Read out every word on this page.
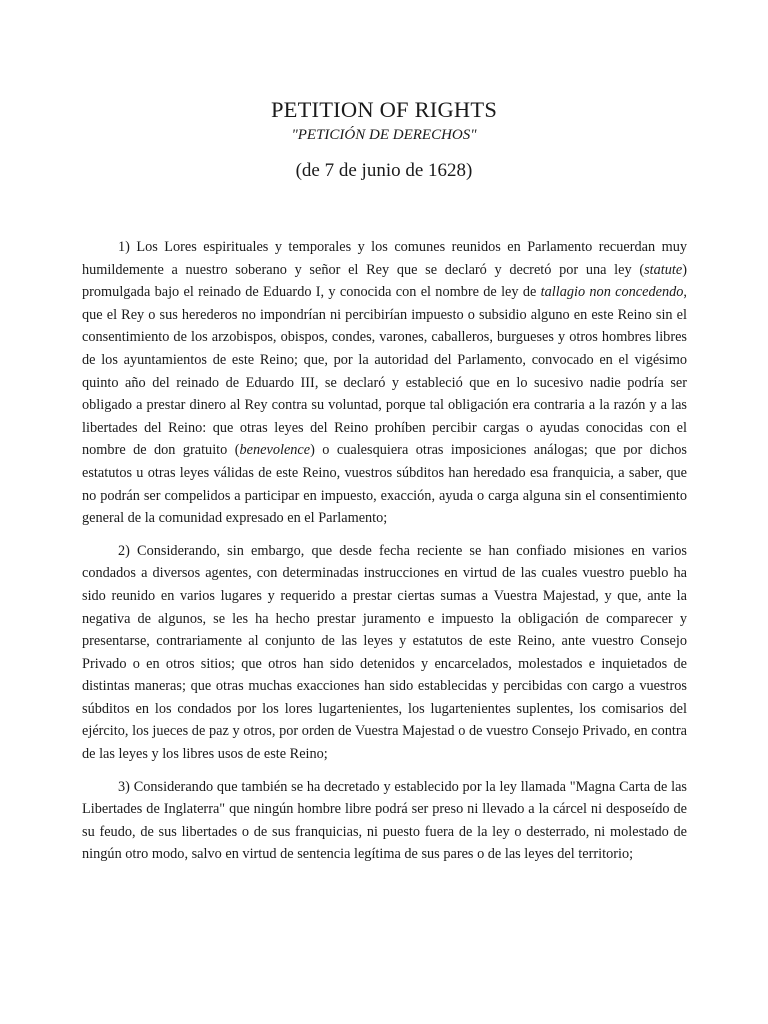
PETITION OF RIGHTS

"PETICIÓN DE DERECHOS"

(de 7 de junio de 1628)

1) Los Lores espirituales y temporales y los comunes reunidos en Parlamento recuerdan muy humildemente a nuestro soberano y señor el Rey que se declaró y decretó por una ley (statute) promulgada bajo el reinado de Eduardo I, y conocida con el nombre de ley de tallagio non concedendo, que el Rey o sus herederos no impondrían ni percibirían impuesto o subsidio alguno en este Reino sin el consentimiento de los arzobispos, obispos, condes, varones, caballeros, burgueses y otros hombres libres de los ayuntamientos de este Reino; que, por la autoridad del Parlamento, convocado en el vigésimo quinto año del reinado de Eduardo III, se declaró y estableció que en lo sucesivo nadie podría ser obligado a prestar dinero al Rey contra su voluntad, porque tal obligación era contraria a la razón y a las libertades del Reino: que otras leyes del Reino prohíben percibir cargas o ayudas conocidas con el nombre de don gratuito (benevolence) o cualesquiera otras imposiciones análogas; que por dichos estatutos u otras leyes válidas de este Reino, vuestros súbditos han heredado esa franquicia, a saber, que no podrán ser compelidos a participar en impuesto, exacción, ayuda o carga alguna sin el consentimiento general de la comunidad expresado en el Parlamento;

2) Considerando, sin embargo, que desde fecha reciente se han confiado misiones en varios condados a diversos agentes, con determinadas instrucciones en virtud de las cuales vuestro pueblo ha sido reunido en varios lugares y requerido a prestar ciertas sumas a Vuestra Majestad, y que, ante la negativa de algunos, se les ha hecho prestar juramento e impuesto la obligación de comparecer y presentarse, contrariamente al conjunto de las leyes y estatutos de este Reino, ante vuestro Consejo Privado o en otros sitios; que otros han sido detenidos y encarcelados, molestados e inquietados de distintas maneras; que otras muchas exacciones han sido establecidas y percibidas con cargo a vuestros súbditos en los condados por los lores lugartenientes, los lugartenientes suplentes, los comisarios del ejército, los jueces de paz y otros, por orden de Vuestra Majestad o de vuestro Consejo Privado, en contra de las leyes y los libres usos de este Reino;

3) Considerando que también se ha decretado y establecido por la ley llamada "Magna Carta de las Libertades de Inglaterra" que ningún hombre libre podrá ser preso ni llevado a la cárcel ni desposeído de su feudo, de sus libertades o de sus franquicias, ni puesto fuera de la ley o desterrado, ni molestado de ningún otro modo, salvo en virtud de sentencia legítima de sus pares o de las leyes del territorio;
